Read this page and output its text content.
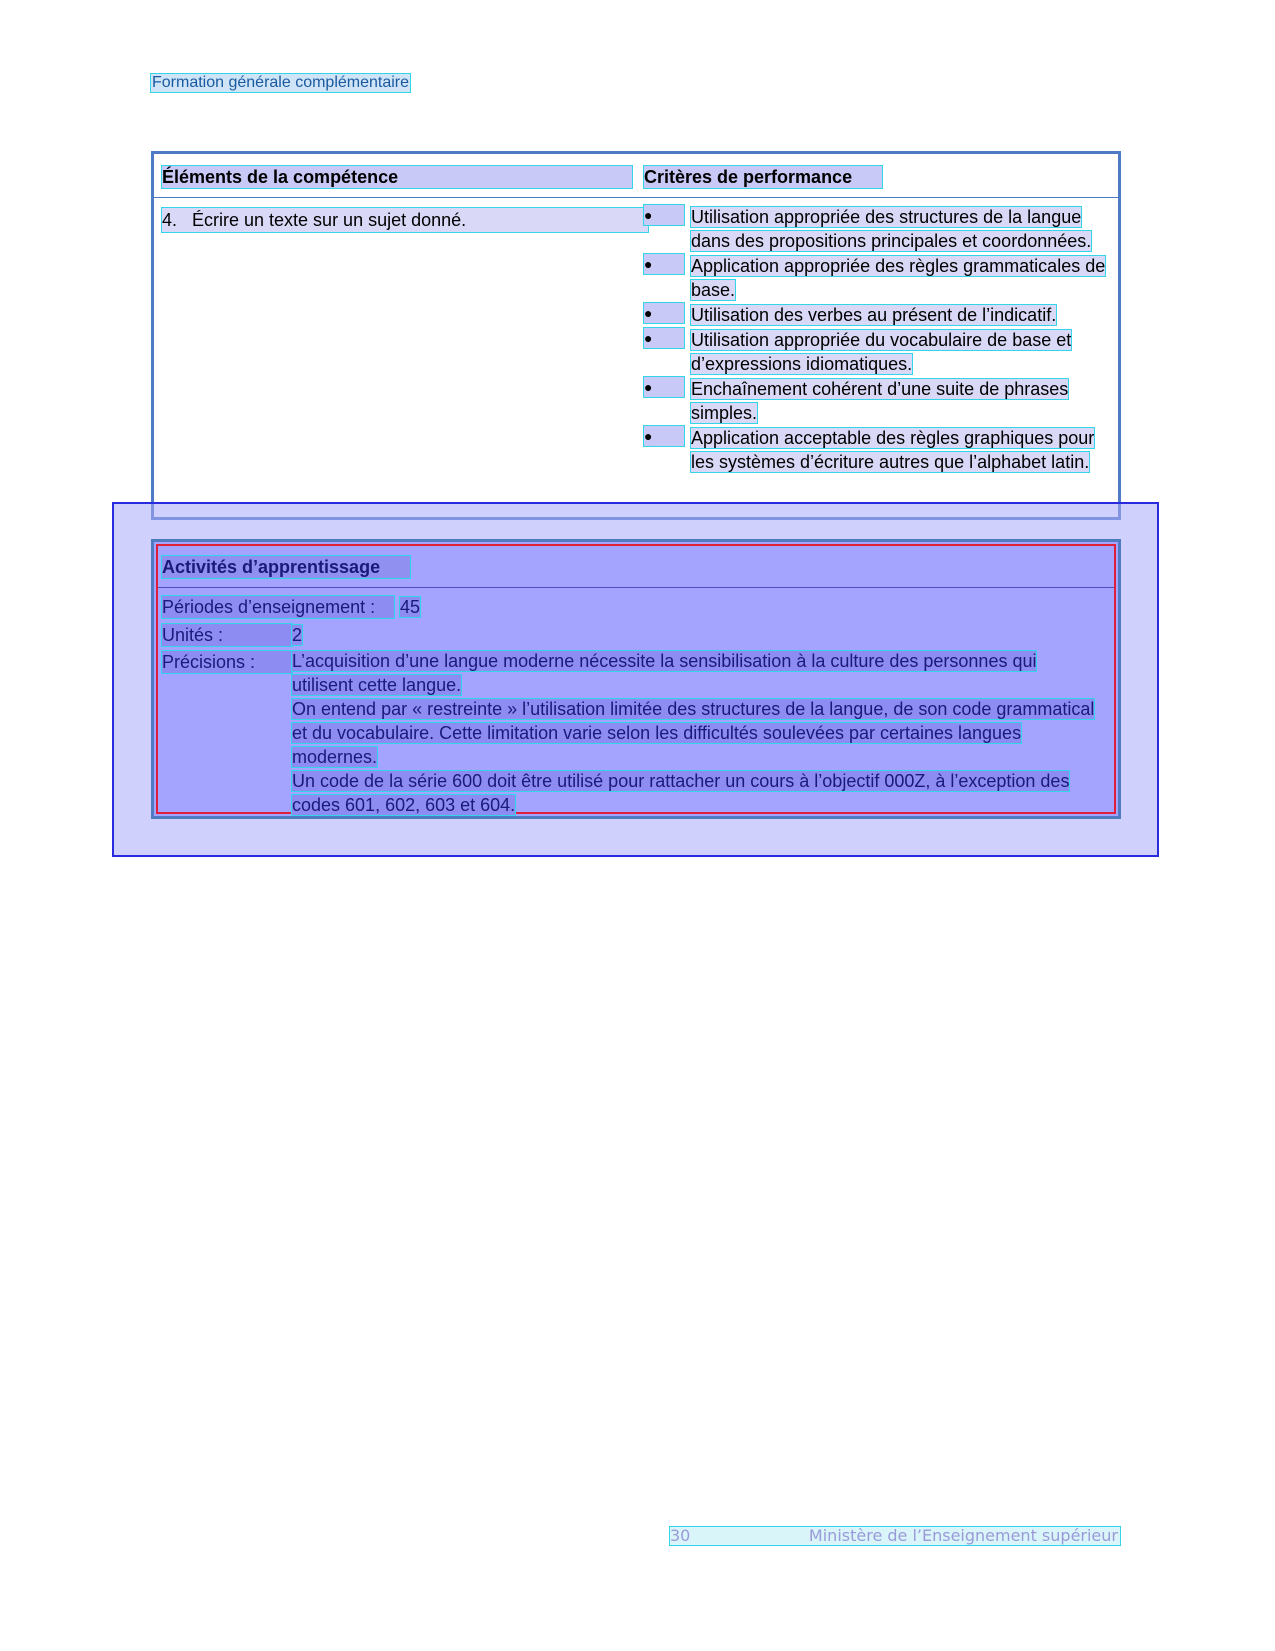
Formation générale complémentaire
Éléments de la compétence	Critères de performance
4. Écrire un texte sur un sujet donné.	●	Utilisation appropriée des structures de la langue dans des propositions principales et coordonnées.
●	Application appropriée des règles grammaticales de base.
●	Utilisation des verbes au présent de l’indicatif.
●	Utilisation appropriée du vocabulaire de base et d’expressions idiomatiques.
●	Enchaînement cohérent d’une suite de phrases simples.
●	Application acceptable des règles graphiques pour les systèmes d’écriture autres que l’alphabet latin.
Activités d’apprentissage
Périodes d’enseignement : 45
Unités :	2
Précisions :	L’acquisition d’une langue moderne nécessite la sensibilisation à la culture des personnes qui utilisent cette langue.

On entend par « restreinte » l’utilisation limitée des structures de la langue, de son code grammatical et du vocabulaire. Cette limitation varie selon les difficultés soulevées par certaines langues modernes.

Un code de la série 600 doit être utilisé pour rattacher un cours à l’objectif 000Z, à l’exception des codes 601, 602, 603 et 604.

30	Ministère de l’Enseignement supérieur
